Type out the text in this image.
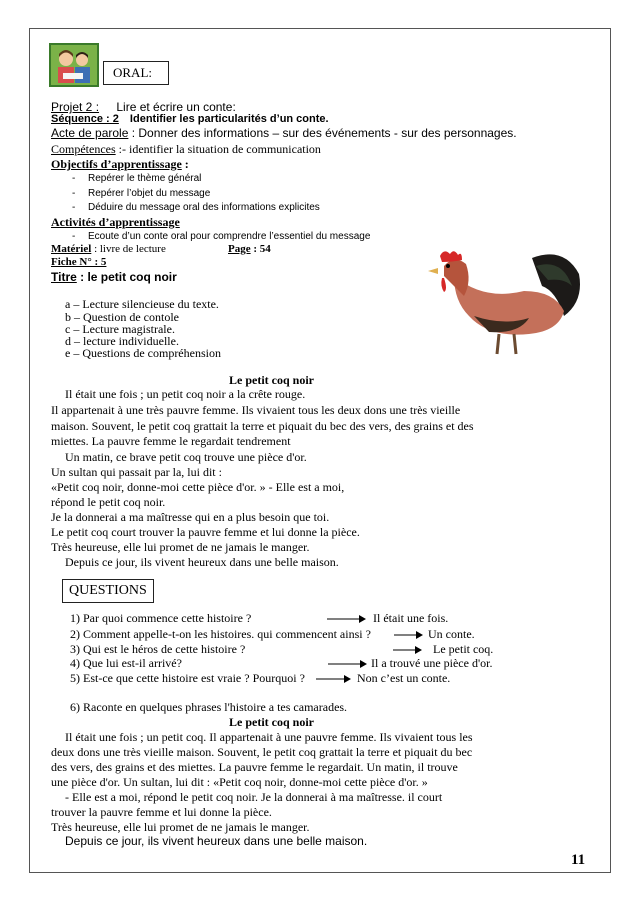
ORAL:
Projet 2 : Lire et écrire un conte:
Séquence : 2 Identifier les particularités d’un conte.
Acte de parole : Donner des informations – sur des événements - sur des personnages.
Compétences :- identifier la situation de communication
Objectifs d’apprentissage :
- Repérer le thème général
- Repérer l’objet du message
- Déduire du message oral des informations explicites
Activités d’apprentissage
- Ecoute d’un conte oral pour comprendre l’essentiel du message
Matériel : livre de lecture	Page : 54
Fiche N° : 5
Titre : le petit coq noir
a – Lecture silencieuse du texte.
b – Question de contole
c – Lecture magistrale.
d – lecture individuelle.
e – Questions de compréhension
Le petit coq noir
Il était une fois ; un petit coq noir a la crête rouge.
Il appartenait à une très pauvre femme. Ils vivaient tous les deux dons une très vieille
maison. Souvent, le petit coq grattait la terre et piquait du bec des vers, des grains et des
miettes. La pauvre femme le regardait tendrement
Un matin, ce brave petit coq trouve une pièce d'or.
Un sultan qui passait par la, lui dit :
«Petit coq noir, donne-moi cette pièce d'or. » - Elle est a moi,
répond le petit coq noir.
Je la donnerai a ma maîtresse qui en a plus besoin que toi.
Le petit coq court trouver la pauvre femme et lui donne la pièce.
Très heureuse, elle lui promet de ne jamais le manger.
Depuis ce jour, ils vivent heureux dans une belle maison.
QUESTIONS
1) Par quoi commence cette histoire ?	Il était une fois.
2) Comment appelle-t-on les histoires. qui commencent ainsi ?	Un conte.
3) Qui est le héros de cette histoire ?	Le petit coq.
4) Que lui est-il arrivé?	Il a trouvé une pièce d'or.
5) Est-ce que cette histoire est vraie ? Pourquoi ?	Non c’est un conte.
6) Raconte en quelques phrases l'histoire a tes camarades.
Le petit coq noir
Il était une fois ; un petit coq. Il appartenait à une pauvre femme. Ils vivaient tous les
deux dons une très vieille maison. Souvent, le petit coq grattait la terre et piquait du bec
des vers, des grains et des miettes. La pauvre femme le regardait. Un matin, il trouve
une pièce d'or. Un sultan, lui dit : «Petit coq noir, donne-moi cette pièce d'or. »
- Elle est a moi, répond le petit coq noir. Je la donnerai à ma maîtresse. il court
trouver la pauvre femme et lui donne la pièce.
Très heureuse, elle lui promet de ne jamais le manger.
Depuis ce jour, ils vivent heureux dans une belle maison.
11
